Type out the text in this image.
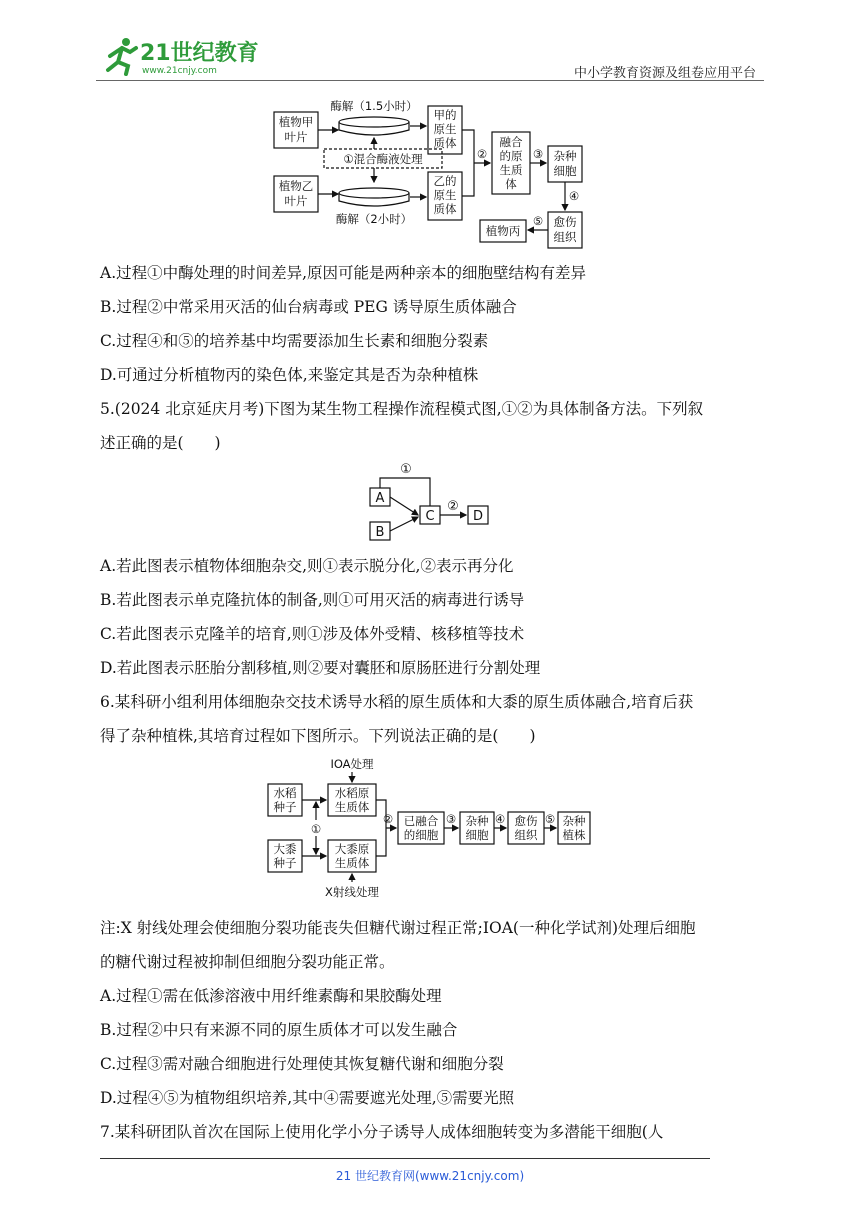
21世纪教育
www.21cnjy.com	中小学教育资源及组卷应用平台
植物甲
叶片
植物乙
叶片
酶解（1.5小时）
酶解（2小时）
①混合酶液处理
甲的
原生
质体
乙的
原生
质体
融合
的原
生质
体
杂种
细胞
愈伤
组织
植物丙
②	③
④
⑤
A.过程①中酶处理的时间差异,原因可能是两种亲本的细胞壁结构有差异
B.过程②中常采用灭活的仙台病毒或 PEG 诱导原生质体融合
C.过程④和⑤的培养基中均需要添加生长素和细胞分裂素
D.可通过分析植物丙的染色体,来鉴定其是否为杂种植株
5.(2024 北京延庆月考)下图为某生物工程操作流程模式图,①②为具体制备方法。下列叙
述正确的是(　　)
A
B
C	D
①
②
A.若此图表示植物体细胞杂交,则①表示脱分化,②表示再分化
B.若此图表示单克隆抗体的制备,则①可用灭活的病毒进行诱导
C.若此图表示克隆羊的培育,则①涉及体外受精、核移植等技术
D.若此图表示胚胎分割移植,则②要对囊胚和原肠胚进行分割处理
6.某科研小组利用体细胞杂交技术诱导水稻的原生质体和大黍的原生质体融合,培育后获
得了杂种植株,其培育过程如下图所示。下列说法正确的是(　　)
IOA处理
X射线处理
水稻
种子
大黍
种子
水稻原
生质体
大黍原
生质体
已融合
的细胞
杂种
细胞
愈伤
组织
杂种
植株
①
②	③	④	⑤
注:X 射线处理会使细胞分裂功能丧失但糖代谢过程正常;IOA(一种化学试剂)处理后细胞
的糖代谢过程被抑制但细胞分裂功能正常。
A.过程①需在低渗溶液中用纤维素酶和果胶酶处理
B.过程②中只有来源不同的原生质体才可以发生融合
C.过程③需对融合细胞进行处理使其恢复糖代谢和细胞分裂
D.过程④⑤为植物组织培养,其中④需要遮光处理,⑤需要光照
7.某科研团队首次在国际上使用化学小分子诱导人成体细胞转变为多潜能干细胞(人
21 世纪教育网(www.21cnjy.com)
